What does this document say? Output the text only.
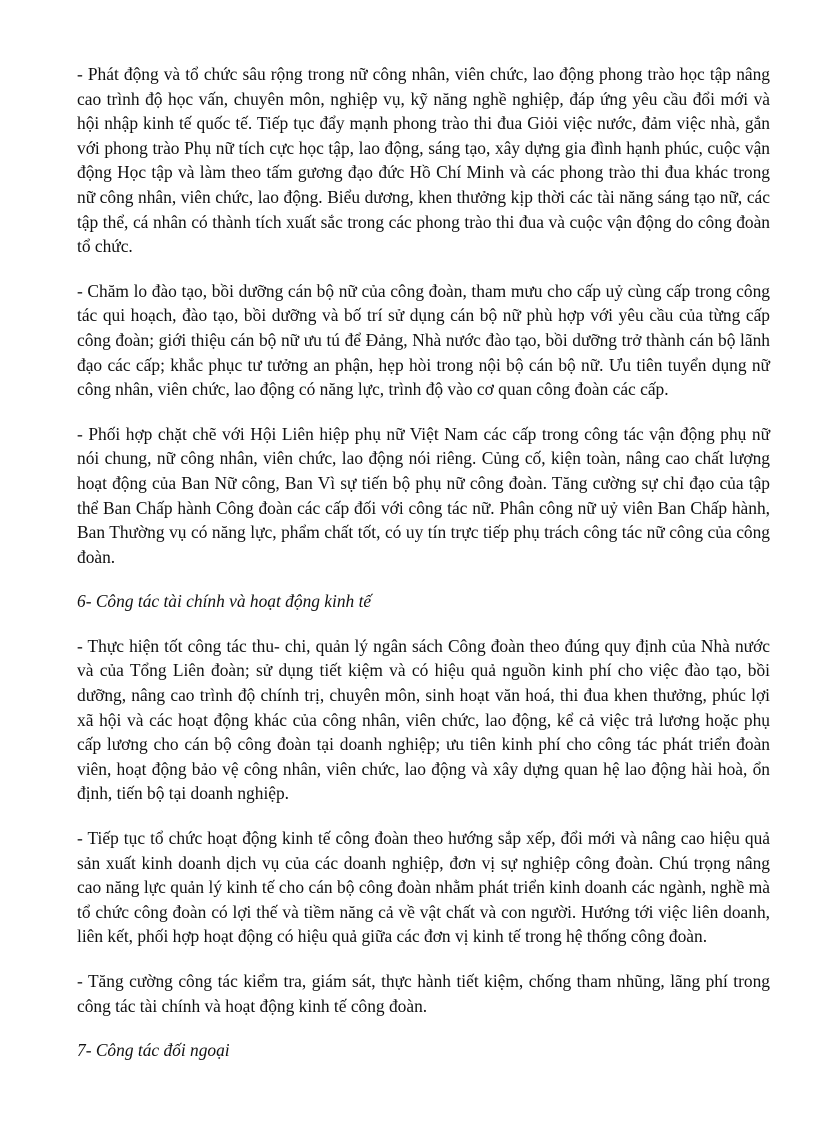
- Phát động và tổ chức sâu rộng trong nữ công nhân, viên chức, lao động phong trào học tập nâng cao trình độ học vấn, chuyên môn, nghiệp vụ, kỹ năng nghề nghiệp, đáp ứng yêu cầu đổi mới và hội nhập kinh tế quốc tế. Tiếp tục đẩy mạnh phong trào thi đua Giỏi việc nước, đảm việc nhà, gắn với phong trào Phụ nữ tích cực học tập, lao động, sáng tạo, xây dựng gia đình hạnh phúc, cuộc vận động Học tập và làm theo tấm gương đạo đức Hồ Chí Minh và các phong trào thi đua khác trong nữ công nhân, viên chức, lao động. Biểu dương, khen thưởng kịp thời các tài năng sáng tạo nữ, các tập thể, cá nhân có thành tích xuất sắc trong các phong trào thi đua và cuộc vận động do công đoàn tổ chức.

- Chăm lo đào tạo, bồi dưỡng cán bộ nữ của công đoàn, tham mưu cho cấp uỷ cùng cấp trong công tác qui hoạch, đào tạo, bồi dưỡng và bố trí sử dụng cán bộ nữ phù hợp với yêu cầu của từng cấp công đoàn; giới thiệu cán bộ nữ ưu tú để Đảng, Nhà nước đào tạo, bồi dưỡng trở thành cán bộ lãnh đạo các cấp; khắc phục tư tưởng an phận, hẹp hòi trong nội bộ cán bộ nữ. Ưu tiên tuyển dụng nữ công nhân, viên chức, lao động có năng lực, trình độ vào cơ quan công đoàn các cấp.

- Phối hợp chặt chẽ với Hội Liên hiệp phụ nữ Việt Nam các cấp trong công tác vận động phụ nữ nói chung, nữ công nhân, viên chức, lao động nói riêng. Củng cố, kiện toàn, nâng cao chất lượng hoạt động của Ban Nữ công, Ban Vì sự tiến bộ phụ nữ công đoàn. Tăng cường sự chỉ đạo của tập thể Ban Chấp hành Công đoàn các cấp đối với công tác nữ. Phân công nữ uỷ viên Ban Chấp hành, Ban Thường vụ có năng lực, phẩm chất tốt, có uy tín trực tiếp phụ trách công tác nữ công của công đoàn.

6- Công tác tài chính và hoạt động kinh tế

- Thực hiện tốt công tác thu- chi, quản lý ngân sách Công đoàn theo đúng quy định của Nhà nước và của Tổng Liên đoàn; sử dụng tiết kiệm và có hiệu quả nguồn kinh phí cho việc đào tạo, bồi dưỡng, nâng cao trình độ chính trị, chuyên môn, sinh hoạt văn hoá, thi đua khen thưởng, phúc lợi xã hội và các hoạt động khác của công nhân, viên chức, lao động, kể cả việc trả lương hoặc phụ cấp lương cho cán bộ công đoàn tại doanh nghiệp; ưu tiên kinh phí cho công tác phát triển đoàn viên, hoạt động bảo vệ công nhân, viên chức, lao động và xây dựng quan hệ lao động hài hoà, ổn định, tiến bộ tại doanh nghiệp.

- Tiếp tục tổ chức hoạt động kinh tế công đoàn theo hướng sắp xếp, đổi mới và nâng cao hiệu quả sản xuất kinh doanh dịch vụ của các doanh nghiệp, đơn vị sự nghiệp công đoàn. Chú trọng nâng cao năng lực quản lý kinh tế cho cán bộ công đoàn nhằm phát triển kinh doanh các ngành, nghề mà tổ chức công đoàn có lợi thế và tiềm năng cả về vật chất và con người. Hướng tới việc liên doanh, liên kết, phối hợp hoạt động có hiệu quả giữa các đơn vị kinh tế trong hệ thống công đoàn.

- Tăng cường công tác kiểm tra, giám sát, thực hành tiết kiệm, chống tham nhũng, lãng phí trong công tác tài chính và hoạt động kinh tế công đoàn.

7- Công tác đối ngoại
